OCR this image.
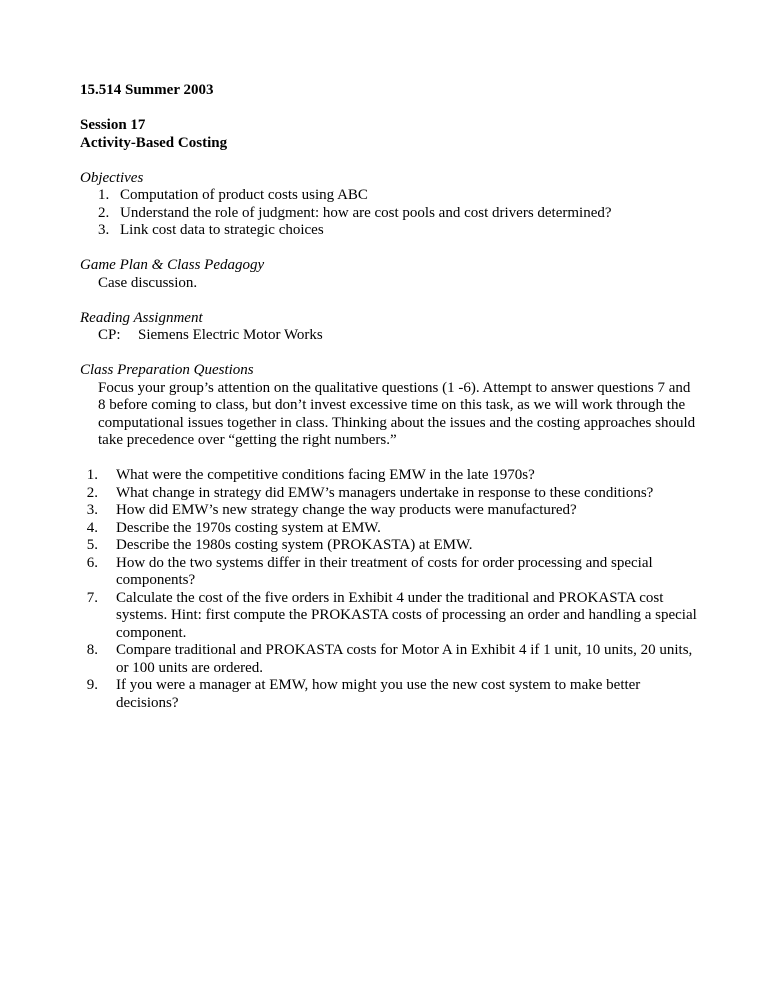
15.514 Summer 2003

Session 17

Activity-Based Costing

Objectives

1. Computation of product costs using ABC
2. Understand the role of judgment: how are cost pools and cost drivers determined?
3. Link cost data to strategic choices

Game Plan & Class Pedagogy

Case discussion.

Reading Assignment

CP:	Siemens Electric Motor Works

Class Preparation Questions

Focus your group’s attention on the qualitative questions (1 -6). Attempt to answer questions 7 and 8 before coming to class, but don’t invest excessive time on this task, as we will work through the computational issues together in class. Thinking about the issues and the costing approaches should take precedence over “getting the right numbers.”

1.	What were the competitive conditions facing EMW in the late 1970s?
2.	What change in strategy did EMW’s managers undertake in response to these conditions?
3.	How did EMW’s new strategy change the way products were manufactured?
4.	Describe the 1970s costing system at EMW.
5.	Describe the 1980s costing system (PROKASTA) at EMW.
6.	How do the two systems differ in their treatment of costs for order processing and special components?
7.	Calculate the cost of the five orders in Exhibit 4 under the traditional and PROKASTA cost systems. Hint: first compute the PROKASTA costs of processing an order and handling a special component.
8.	Compare traditional and PROKASTA costs for Motor A in Exhibit 4 if 1 unit, 10 units, 20 units, or 100 units are ordered.
9.	If you were a manager at EMW, how might you use the new cost system to make better decisions?
